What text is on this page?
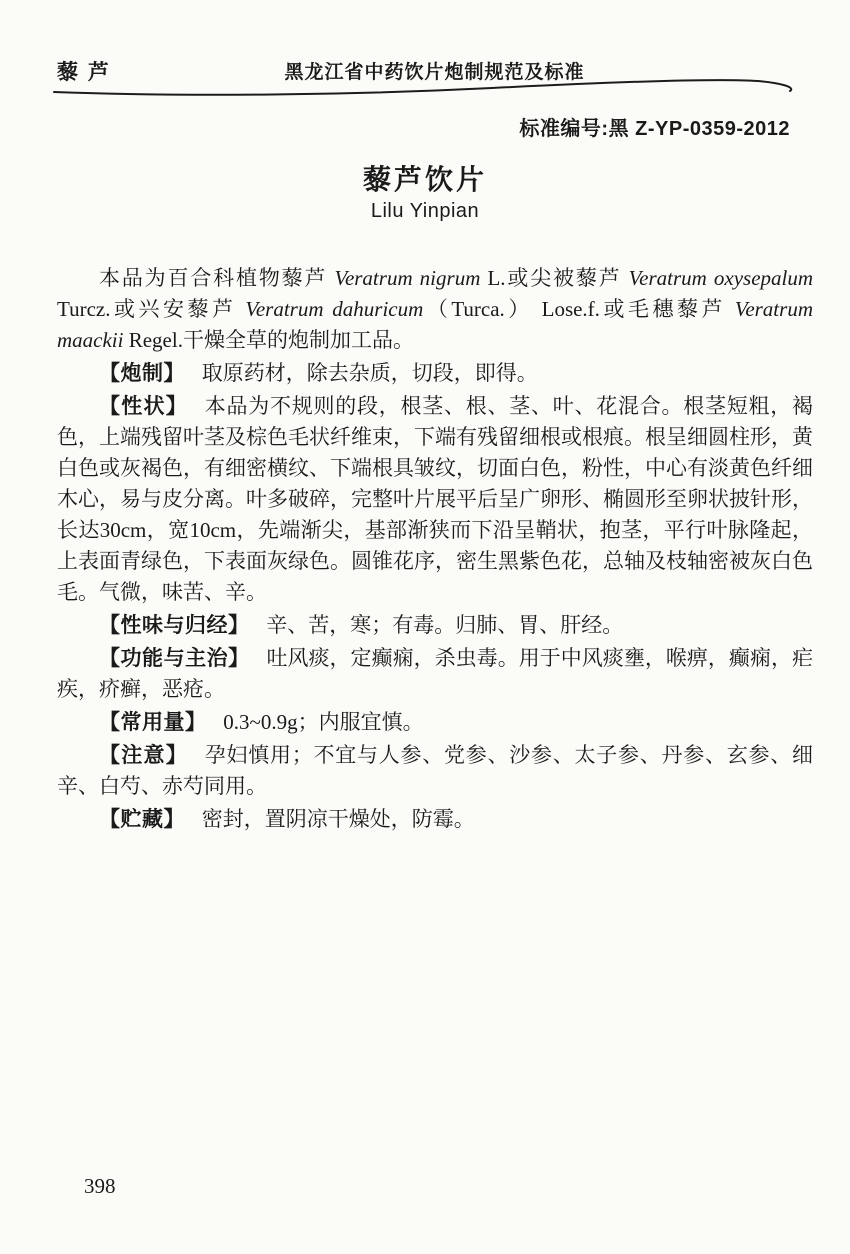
藜 芦	黑龙江省中药饮片炮制规范及标准
标准编号:黑 Z-YP-0359-2012
藜芦饮片
Lilu Yinpian

本品为百合科植物藜芦 Veratrum nigrum L.或尖被藜芦 Veratrum oxysepalum Turcz.或兴安藜芦 Veratrum dahuricum（Turca.） Lose.f.或毛穗藜芦 Veratrum maackii Regel.干燥全草的炮制加工品。

【炮制】 取原药材，除去杂质，切段，即得。

【性状】 本品为不规则的段，根茎、根、茎、叶、花混合。根茎短粗，褐色，上端残留叶茎及棕色毛状纤维束，下端有残留细根或根痕。根呈细圆柱形，黄白色或灰褐色，有细密横纹、下端根具皱纹，切面白色，粉性，中心有淡黄色纤细木心，易与皮分离。叶多破碎，完整叶片展平后呈广卵形、椭圆形至卵状披针形，长达30cm，宽10cm，先端渐尖，基部渐狭而下沿呈鞘状，抱茎，平行叶脉隆起，上表面青绿色，下表面灰绿色。圆锥花序，密生黑紫色花，总轴及枝轴密被灰白色毛。气微，味苦、辛。

【性味与归经】 辛、苦，寒；有毒。归肺、胃、肝经。

【功能与主治】 吐风痰，定癫痫，杀虫毒。用于中风痰壅，喉痹，癫痫，疟疾，疥癣，恶疮。

【常用量】 0.3~0.9g；内服宜慎。

【注意】 孕妇慎用；不宜与人参、党参、沙参、太子参、丹参、玄参、细辛、白芍、赤芍同用。

【贮藏】 密封，置阴凉干燥处，防霉。

398
